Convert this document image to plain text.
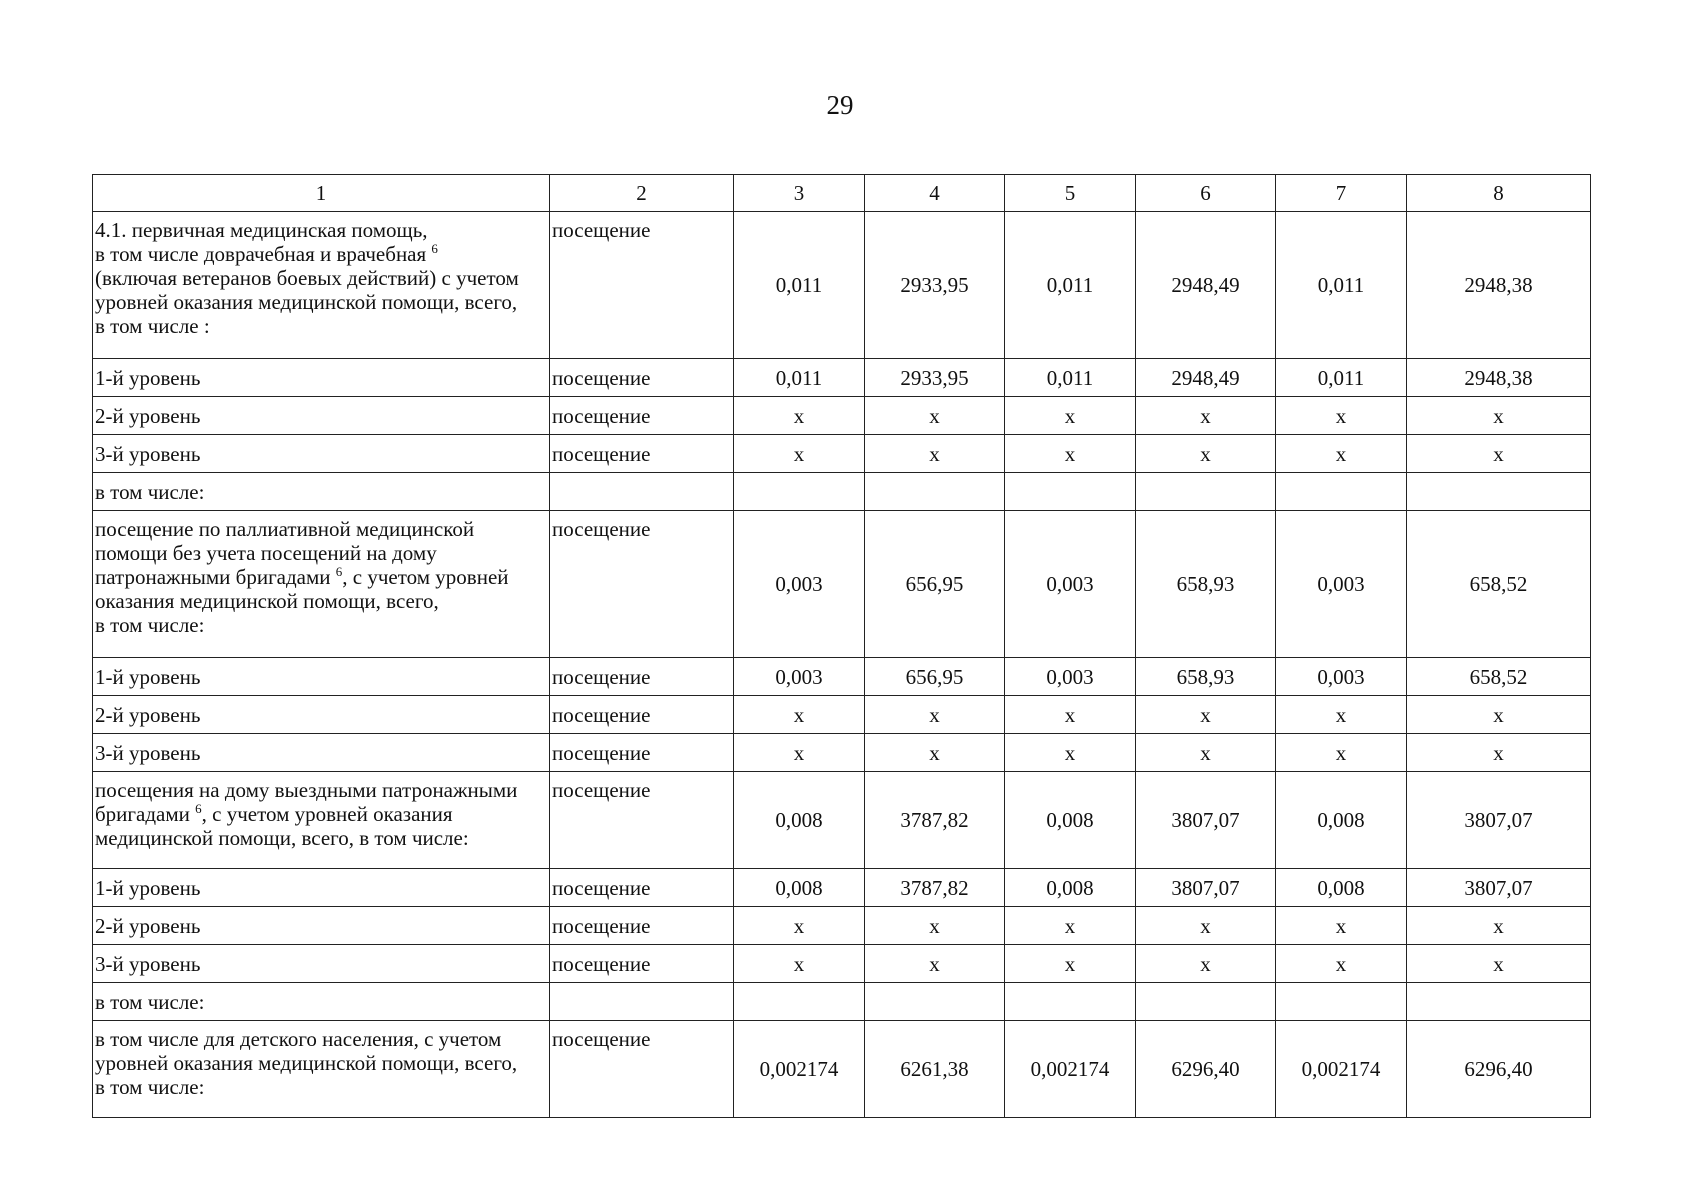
29
1	2	3	4	5	6	7	8

4.1. первичная медицинская помощь,
в том числе доврачебная и врачебная $^6$
(включая ветеранов боевых действий) с учетом
уровней оказания медицинской помощи, всего,
в том числе :	посещение	0,011	2933,95	0,011	2948,49	0,011	2948,38

1-й уровень	посещение	0,011	2933,95	0,011	2948,49	0,011	2948,38

2-й уровень	посещение	x	x	x	x	x	x

3-й уровень	посещение	x	x	x	x	x	x

в том числе:							

посещение по паллиативной медицинской
помощи без учета посещений на дому
патронажными бригадами $^6$, с учетом уровней
оказания медицинской помощи, всего,
в том числе:	посещение	0,003	656,95	0,003	658,93	0,003	658,52

1-й уровень	посещение	0,003	656,95	0,003	658,93	0,003	658,52

2-й уровень	посещение	x	x	x	x	x	x

3-й уровень	посещение	x	x	x	x	x	x

посещения на дому выездными патронажными
бригадами $^6$, с учетом уровней оказания
медицинской помощи, всего, в том числе:	посещение	0,008	3787,82	0,008	3807,07	0,008	3807,07

1-й уровень	посещение	0,008	3787,82	0,008	3807,07	0,008	3807,07

2-й уровень	посещение	x	x	x	x	x	x

3-й уровень	посещение	x	x	x	x	x	x

в том числе:							

в том числе для детского населения, с учетом
уровней оказания медицинской помощи, всего,
в том числе:	посещение	0,002174	6261,38	0,002174	6296,40	0,002174	6296,40
